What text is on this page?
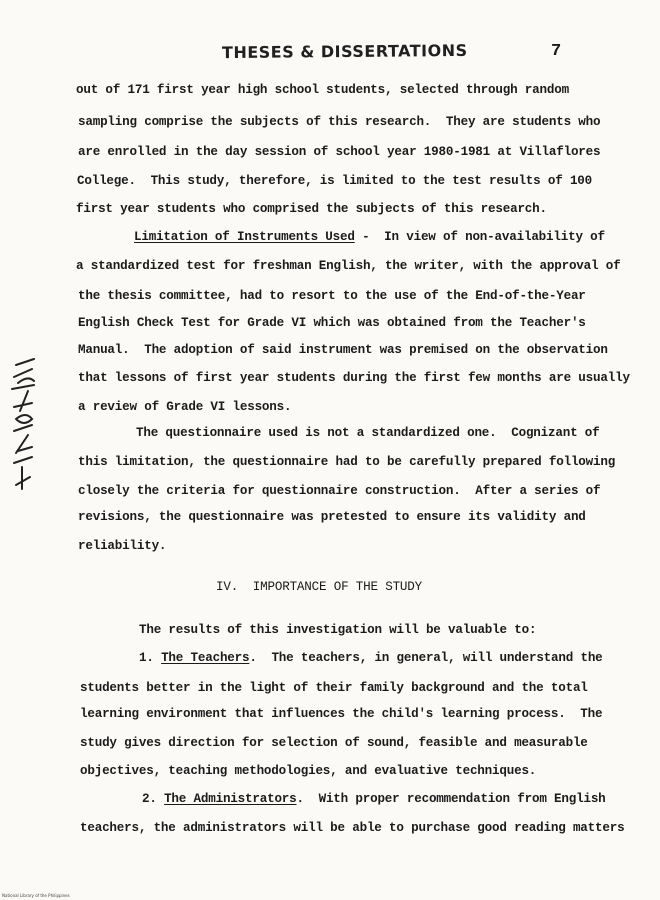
THESES & DISSERTATIONS	7
out of 171 first year high school students, selected through random
sampling comprise the subjects of this research.  They are students who
are enrolled in the day session of school year 1980-1981 at Villaflores
College.  This study, therefore, is limited to the test results of 100
first year students who comprised the subjects of this research.
Limitation of Instruments Used -  In view of non-availability of
a standardized test for freshman English, the writer, with the approval of
the thesis committee, had to resort to the use of the End-of-the-Year
English Check Test for Grade VI which was obtained from the Teacher's
Manual.  The adoption of said instrument was premised on the observation
that lessons of first year students during the first few months are usually
a review of Grade VI lessons.
The questionnaire used is not a standardized one.  Cognizant of
this limitation, the questionnaire had to be carefully prepared following
closely the criteria for questionnaire construction.  After a series of
revisions, the questionnaire was pretested to ensure its validity and
reliability.
IV.  IMPORTANCE OF THE STUDY
The results of this investigation will be valuable to:
1. The Teachers.  The teachers, in general, will understand the
students better in the light of their family background and the total
learning environment that influences the child's learning process.  The
study gives direction for selection of sound, feasible and measurable
objectives, teaching methodologies, and evaluative techniques.
2. The Administrators.  With proper recommendation from English
teachers, the administrators will be able to purchase good reading matters
National Library of the Philippines
